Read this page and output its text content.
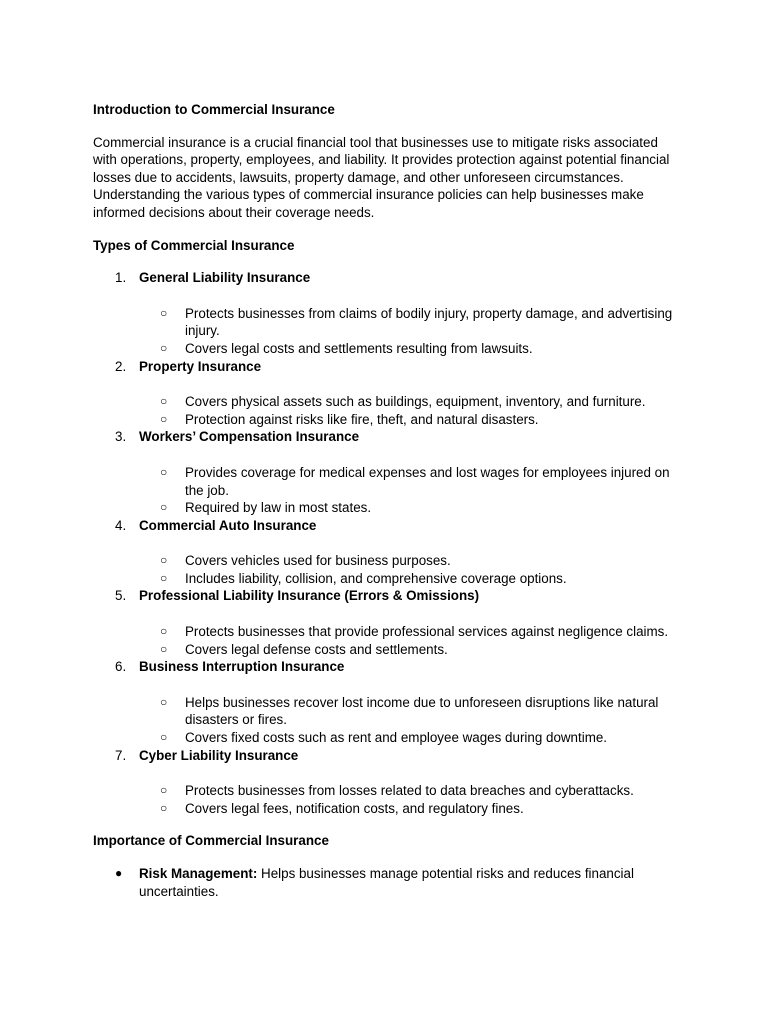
Introduction to Commercial Insurance

Commercial insurance is a crucial financial tool that businesses use to mitigate risks associated with operations, property, employees, and liability. It provides protection against potential financial losses due to accidents, lawsuits, property damage, and other unforeseen circumstances. Understanding the various types of commercial insurance policies can help businesses make informed decisions about their coverage needs.

Types of Commercial Insurance
1. General Liability Insurance
○ Protects businesses from claims of bodily injury, property damage, and advertising injury.
○ Covers legal costs and settlements resulting from lawsuits.
2. Property Insurance
○ Covers physical assets such as buildings, equipment, inventory, and furniture.
○ Protection against risks like fire, theft, and natural disasters.
3. Workers’ Compensation Insurance
○ Provides coverage for medical expenses and lost wages for employees injured on the job.
○ Required by law in most states.
4. Commercial Auto Insurance
○ Covers vehicles used for business purposes.
○ Includes liability, collision, and comprehensive coverage options.
5. Professional Liability Insurance (Errors & Omissions)
○ Protects businesses that provide professional services against negligence claims.
○ Covers legal defense costs and settlements.
6. Business Interruption Insurance
○ Helps businesses recover lost income due to unforeseen disruptions like natural disasters or fires.
○ Covers fixed costs such as rent and employee wages during downtime.
7. Cyber Liability Insurance
○ Protects businesses from losses related to data breaches and cyberattacks.
○ Covers legal fees, notification costs, and regulatory fines.
Importance of Commercial Insurance
● Risk Management: Helps businesses manage potential risks and reduces financial uncertainties.
